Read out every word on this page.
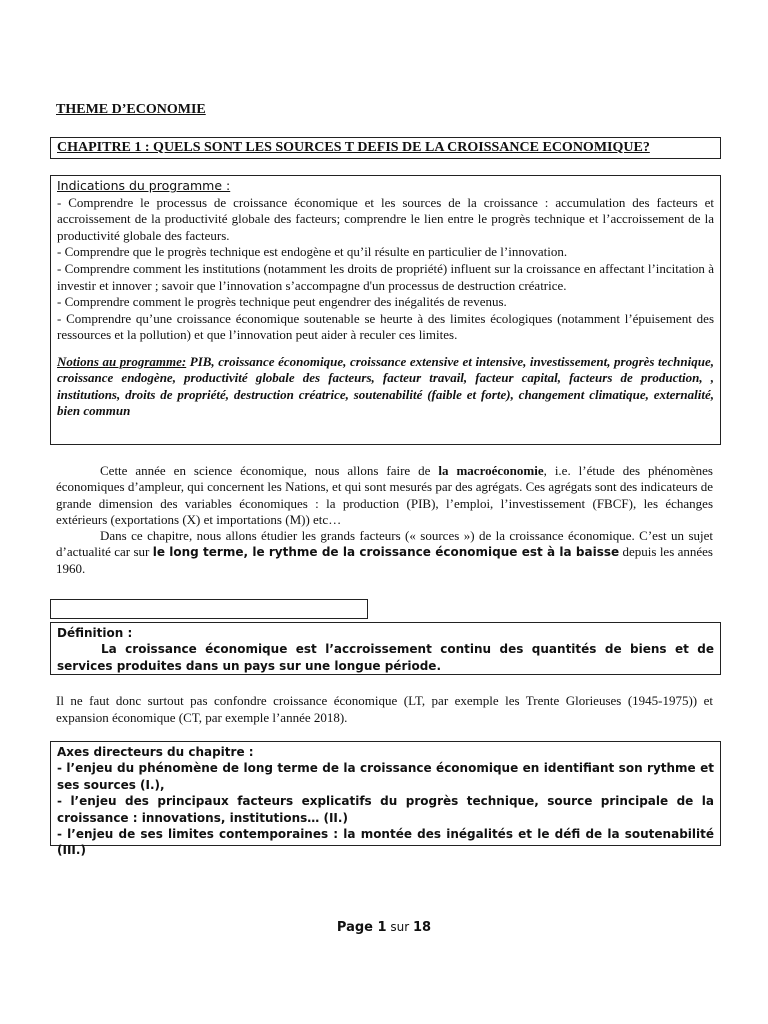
THEME D’ECONOMIE
CHAPITRE 1 : QUELS SONT LES SOURCES T DEFIS DE LA CROISSANCE ECONOMIQUE?

Indications du programme :

- Comprendre le processus de croissance économique et les sources de la croissance : accumulation des facteurs et accroissement de la productivité globale des facteurs; comprendre le lien entre le progrès technique et l’accroissement de la productivité globale des facteurs.

- Comprendre que le progrès technique est endogène et qu’il résulte en particulier de l’innovation.

- Comprendre comment les institutions (notamment les droits de propriété) influent sur la croissance en affectant l’incitation à investir et innover ; savoir que l’innovation s’accompagne d'un processus de destruction créatrice.

- Comprendre comment le progrès technique peut engendrer des inégalités de revenus.

- Comprendre qu’une croissance économique soutenable se heurte à des limites écologiques (notamment l’épuisement des ressources et la pollution) et que l’innovation peut aider à reculer ces limites.

Notions au programme: PIB, croissance économique, croissance extensive et intensive, investissement, progrès technique, croissance endogène, productivité globale des facteurs, facteur travail, facteur capital, facteurs de production, , institutions, droits de propriété, destruction créatrice, soutenabilité (faible et forte), changement climatique, externalité, bien commun

Cette année en science économique, nous allons faire de la macroéconomie, i.e. l’étude des phénomènes économiques d’ampleur, qui concernent les Nations, et qui sont mesurés par des agrégats. Ces agrégats sont des indicateurs de grande dimension des variables économiques : la production (PIB), l’emploi, l’investissement (FBCF), les échanges extérieurs (exportations (X) et importations (M)) etc…

Dans ce chapitre, nous allons étudier les grands facteurs (« sources ») de la croissance économique. C’est un sujet d’actualité car sur le long terme, le rythme de la croissance économique est à la baisse depuis les années 1960.

Définition :

La croissance économique est l’accroissement continu des quantités de biens et de services produites dans un pays sur une longue période.

Il ne faut donc surtout pas confondre croissance économique (LT, par exemple les Trente Glorieuses (1945-1975)) et expansion économique (CT, par exemple l’année 2018).

Axes directeurs du chapitre :

- l’enjeu du phénomène de long terme de la croissance économique en identifiant son rythme et ses sources (I.),

- l’enjeu des principaux facteurs explicatifs du progrès technique, source principale de la croissance : innovations, institutions… (II.)

- l’enjeu de ses limites contemporaines : la montée des inégalités et le défi de la soutenabilité (III.)

Page 1 sur 18
